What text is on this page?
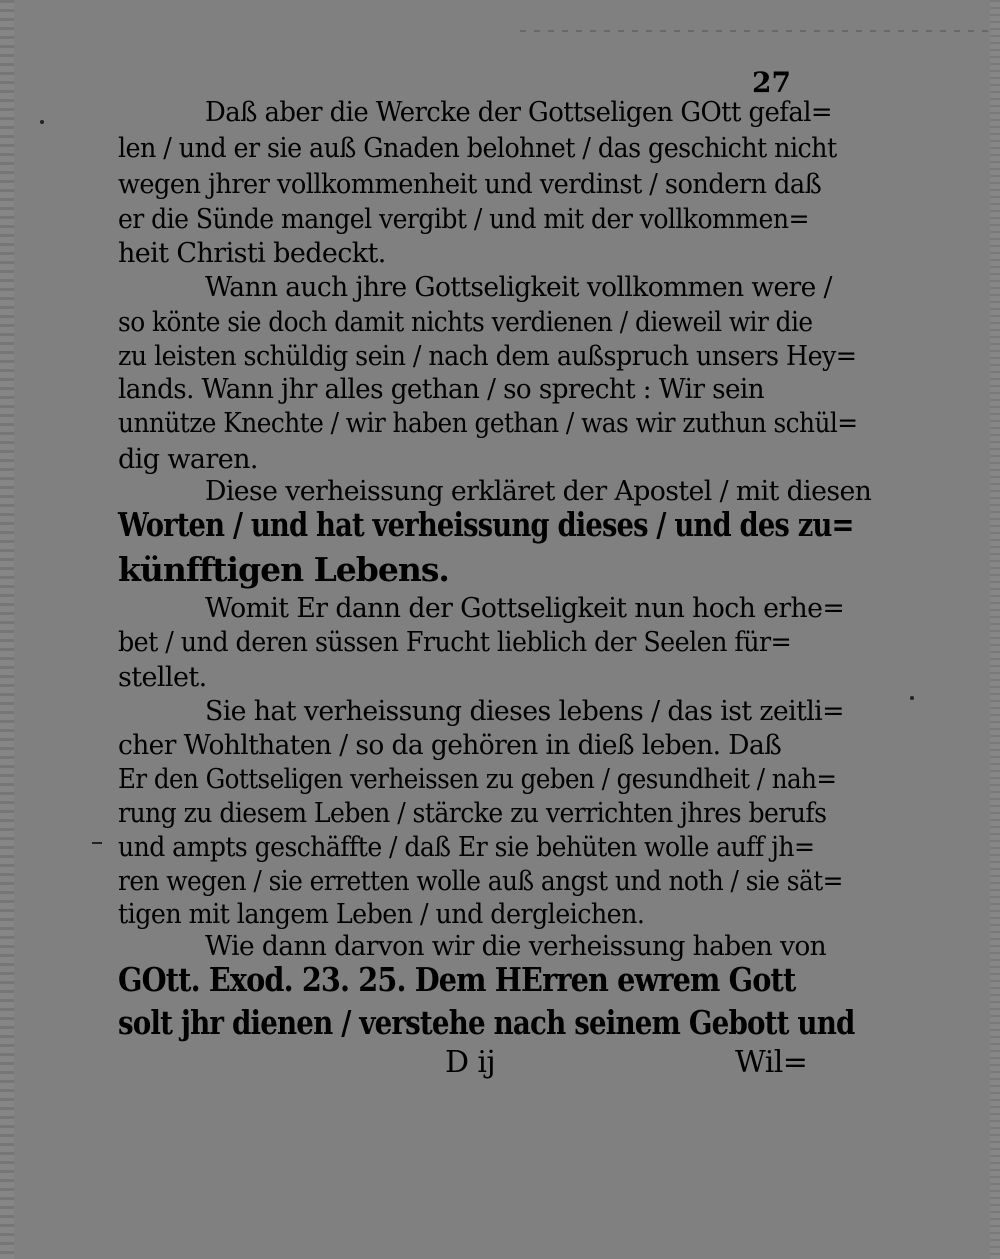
27
Daß aber die Wercke der Gottseligen GOtt gefal=
len / und er sie auß Gnaden belohnet / das geschicht nicht
wegen jhrer vollkommenheit und verdinst / sondern daß
er die Sünde mangel vergibt / und mit der vollkommen=
heit Christi bedeckt.
Wann auch jhre Gottseligkeit vollkommen were /
so könte sie doch damit nichts verdienen / dieweil wir die
zu leisten schüldig sein / nach dem außspruch unsers Hey=
lands. Wann jhr alles gethan / so sprecht : Wir sein
unnütze Knechte / wir haben gethan / was wir zuthun schül=
dig waren.
Diese verheissung erkläret der Apostel / mit diesen
Worten / und hat verheissung dieses / und des zu=
künfftigen Lebens.
Womit Er dann der Gottseligkeit nun hoch erhe=
bet / und deren süssen Frucht lieblich der Seelen für=
stellet.
Sie hat verheissung dieses lebens / das ist zeitli=
cher Wohlthaten / so da gehören in dieß leben. Daß
Er den Gottseligen verheissen zu geben / gesundheit / nah=
rung zu diesem Leben / stärcke zu verrichten jhres berufs
und ampts geschäffte / daß Er sie behüten wolle auff jh=
ren wegen / sie erretten wolle auß angst und noth / sie sät=
tigen mit langem Leben / und dergleichen.
Wie dann darvon wir die verheissung haben von
GOtt. Exod. 23. 25. Dem HErren ewrem Gott
solt jhr dienen / verstehe nach seinem Gebott und
D ij	Wil=
